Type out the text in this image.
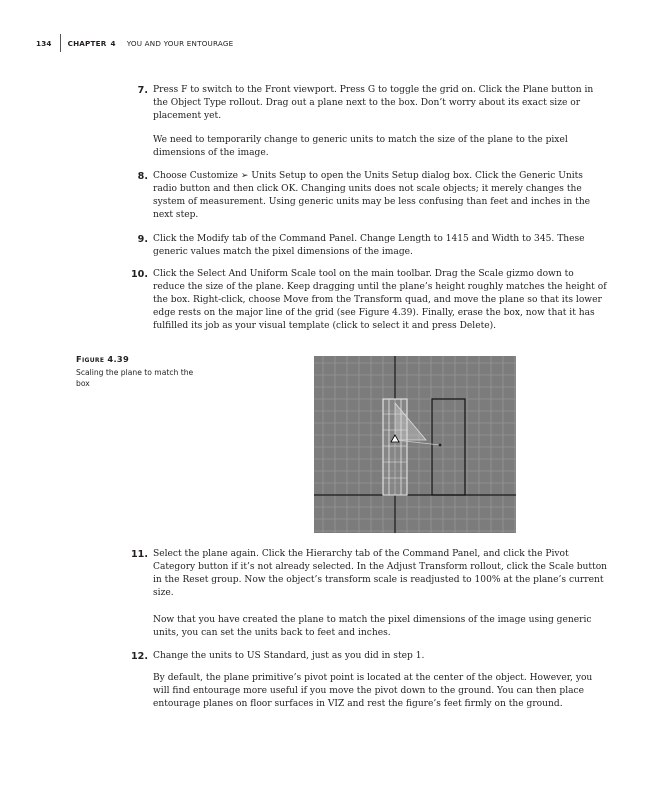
134 CHAPTER 4 YOU AND YOUR ENTOURAGE
7. Press F to switch to the Front viewport. Press G to toggle the grid on. Click the Plane button in the Object Type rollout. Drag out a plane next to the box. Don’t worry about its exact size or placement yet.
We need to temporarily change to generic units to match the size of the plane to the pixel dimensions of the image.
8. Choose Customize ➢ Units Setup to open the Units Setup dialog box. Click the Generic Units radio button and then click OK. Changing units does not scale objects; it merely changes the system of measurement. Using generic units may be less confusing than feet and inches in the next step.
9. Click the Modify tab of the Command Panel. Change Length to 1415 and Width to 345. These generic values match the pixel dimensions of the image.
10. Click the Select And Uniform Scale tool on the main toolbar. Drag the Scale gizmo down to reduce the size of the plane. Keep dragging until the plane’s height roughly matches the height of the box. Right-click, choose Move from the Transform quad, and move the plane so that its lower edge rests on the major line of the grid (see Figure 4.39). Finally, erase the box, now that it has fulfilled its job as your visual template (click to select it and press Delete).
Figure 4.39
Scaling the plane to match the box
11. Select the plane again. Click the Hierarchy tab of the Command Panel, and click the Pivot Category button if it’s not already selected. In the Adjust Transform rollout, click the Scale button in the Reset group. Now the object’s transform scale is readjusted to 100% at the plane’s current size.
Now that you have created the plane to match the pixel dimensions of the image using generic units, you can set the units back to feet and inches.
12. Change the units to US Standard, just as you did in step 1.
By default, the plane primitive’s pivot point is located at the center of the object. However, you will find entourage more useful if you move the pivot down to the ground. You can then place entourage planes on floor surfaces in VIZ and rest the figure’s feet firmly on the ground.
